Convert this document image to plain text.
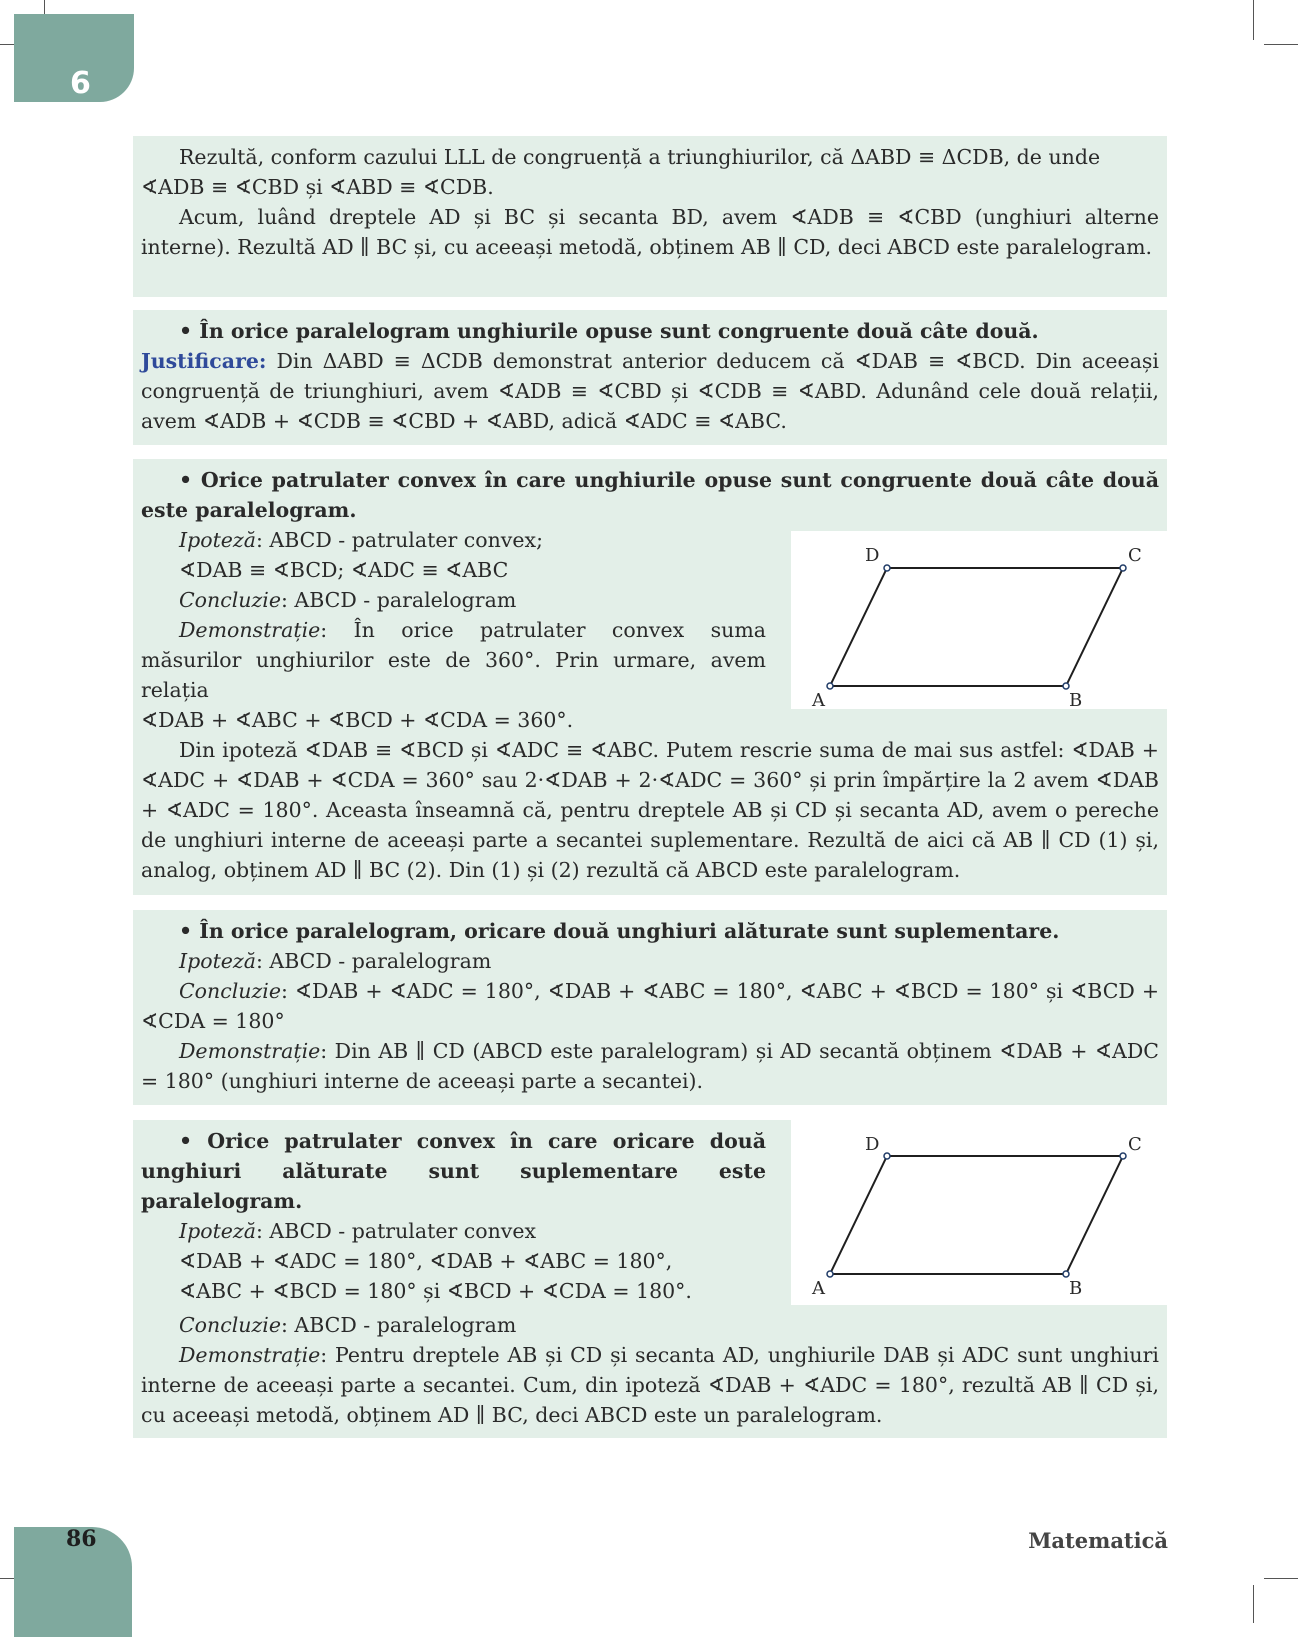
6

Rezultă, conform cazului LLL de congruență a triunghiurilor, că ΔABD ≡ ΔCDB, de unde

∢ADB ≡ ∢CBD și ∢ABD ≡ ∢CDB.

Acum, luând dreptele AD și BC și secanta BD, avem ∢ADB ≡ ∢CBD (unghiuri alterne interne). Rezultă AD ∥ BC și, cu aceeași metodă, obținem AB ∥ CD, deci ABCD este paralelogram.

• În orice paralelogram unghiurile opuse sunt congruente două câte două.

Justificare: Din ΔABD ≡ ΔCDB demonstrat anterior deducem că ∢DAB ≡ ∢BCD. Din aceeași congruență de triunghiuri, avem ∢ADB ≡ ∢CBD și ∢CDB ≡ ∢ABD. Adunând cele două relații, avem ∢ADB + ∢CDB ≡ ∢CBD + ∢ABD, adică ∢ADC ≡ ∢ABC.

• Orice patrulater convex în care unghiurile opuse sunt congruente două câte două este paralelogram.

Ipoteză: ABCD - patrulater convex;

∢DAB ≡ ∢BCD; ∢ADC ≡ ∢ABC

Concluzie: ABCD - paralelogram

Demonstrație: În orice patrulater convex suma măsurilor unghiurilor este de 360°. Prin urmare, avem relația

∢DAB + ∢ABC + ∢BCD + ∢CDA = 360°.

Din ipoteză ∢DAB ≡ ∢BCD și ∢ADC ≡ ∢ABC. Putem rescrie suma de mai sus astfel: ∢DAB + ∢ADC + ∢DAB + ∢CDA = 360° sau 2·∢DAB + 2·∢ADC = 360° și prin împărțire la 2 avem ∢DAB + ∢ADC = 180°. Aceasta înseamnă că, pentru dreptele AB și CD și secanta AD, avem o pereche de unghiuri interne de aceeași parte a secantei suplementare. Rezultă de aici că AB ∥ CD (1) și, analog, obținem AD ∥ BC (2). Din (1) și (2) rezultă că ABCD este paralelogram.

A	B
C
D

• În orice paralelogram, oricare două unghiuri alăturate sunt suplementare.

Ipoteză: ABCD - paralelogram

Concluzie: ∢DAB + ∢ADC = 180°, ∢DAB + ∢ABC = 180°, ∢ABC + ∢BCD = 180° și ∢BCD + ∢CDA = 180°

Demonstrație: Din AB ∥ CD (ABCD este paralelogram) și AD secantă obținem ∢DAB + ∢ADC = 180° (unghiuri interne de aceeași parte a secantei).

• Orice patrulater convex în care oricare două unghiuri alăturate sunt suplementare este paralelogram.

Ipoteză: ABCD - patrulater convex

∢DAB + ∢ADC = 180°, ∢DAB + ∢ABC = 180°,

∢ABC + ∢BCD = 180° și ∢BCD + ∢CDA = 180°.

Concluzie: ABCD - paralelogram

Demonstrație: Pentru dreptele AB și CD și secanta AD, unghiurile DAB și ADC sunt unghiuri interne de aceeași parte a secantei. Cum, din ipoteză ∢DAB + ∢ADC = 180°, rezultă AB ∥ CD și, cu aceeași metodă, obținem AD ∥ BC, deci ABCD este un paralelogram.

A	B
C
D
86	Matematică
